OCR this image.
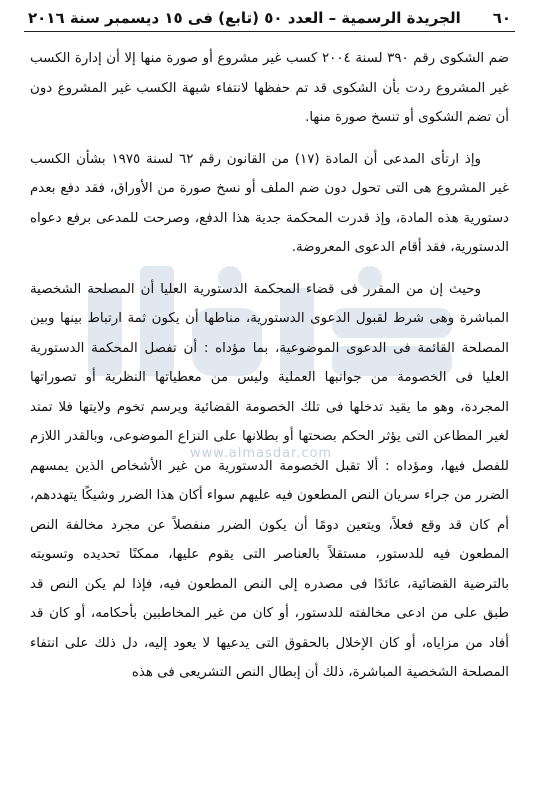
٦٠
الجريدة الرسمية – العدد ٥٠ (تابع) فى ١٥ ديسمبر سنة ٢٠١٦
www.almasdar.com

ضم الشكوى رقم ٣٩٠ لسنة ٢٠٠٤ كسب غير مشروع أو صورة منها إلا أن إدارة الكسب غير المشروع ردت بأن الشكوى قد تم حفظها لانتفاء شبهة الكسب غير المشروع دون أن تضم الشكوى أو تنسخ صورة منها.

وإذ ارتأى المدعى أن المادة (١٧) من القانون رقم ٦٢ لسنة ١٩٧٥ بشأن الكسب غير المشروع هى التى تحول دون ضم الملف أو نسخ صورة من الأوراق، فقد دفع بعدم دستورية هذه المادة، وإذ قدرت المحكمة جدية هذا الدفع، وصرحت للمدعى برفع دعواه الدستورية، فقد أقام الدعوى المعروضة.

وحيث إن من المقرر فى قضاء المحكمة الدستورية العليا أن المصلحة الشخصية المباشرة وهى شرط لقبول الدعوى الدستورية، مناطها أن يكون ثمة ارتباط بينها وبين المصلحة القائمة فى الدعوى الموضوعية، بما مؤداه : أن تفصل المحكمة الدستورية العليا فى الخصومة من جوانبها العملية وليس من معطياتها النظرية أو تصوراتها المجردة، وهو ما يقيد تدخلها فى تلك الخصومة القضائية ويرسم تخوم ولايتها فلا تمتد لغير المطاعن التى يؤثر الحكم بصحتها أو بطلانها على النزاع الموضوعى، وبالقدر اللازم للفصل فيها، ومؤداه : ألا تقبل الخصومة الدستورية من غير الأشخاص الذين يمسهم الضرر من جراء سريان النص المطعون فيه عليهم سواء أكان هذا الضرر وشيكًا يتهددهم، أم كان قد وقع فعلاً، ويتعين دومًا أن يكون الضرر منفصلاً عن مجرد مخالفة النص المطعون فيه للدستور، مستقلاً بالعناصر التى يقوم عليها، ممكنًا تحديده وتسويته بالترضية القضائية، عائدًا فى مصدره إلى النص المطعون فيه، فإذا لم يكن النص قد طبق على من ادعى مخالفته للدستور، أو كان من غير المخاطبين بأحكامه، أو كان قد أفاد من مزاياه، أو كان الإخلال بالحقوق التى يدعيها لا يعود إليه، دل ذلك على انتفاء المصلحة الشخصية المباشرة، ذلك أن إبطال النص التشريعى فى هذه
